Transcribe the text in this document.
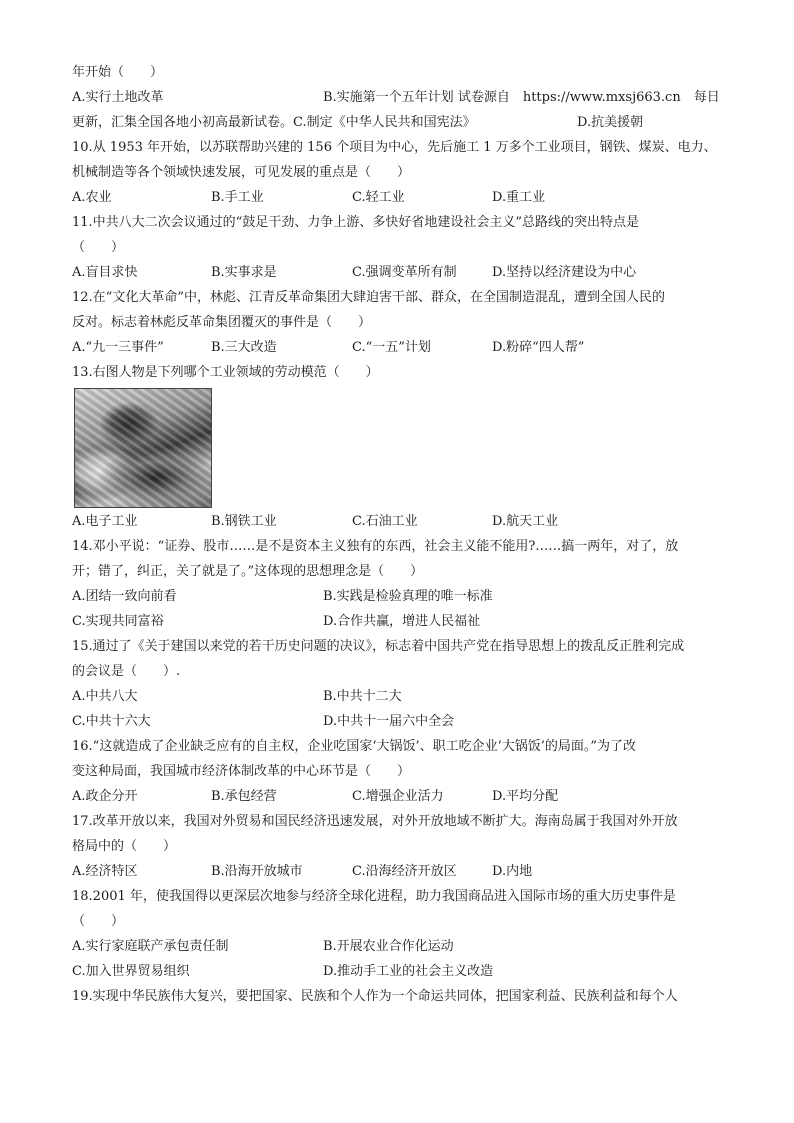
年开始（　　）
A.实行土地改革	B.实施第一个五年计划 试卷源自　https://www.mxsj663.cn　每日
更新，汇集全国各地小初高最新试卷。C.制定《中华人民共和国宪法》	D.抗美援朝
10.从 1953 年开始，以苏联帮助兴建的 156 个项目为中心，先后施工 1 万多个工业项目，钢铁、煤炭、电力、
机械制造等各个领域快速发展，可见发展的重点是（　　）
A.农业	B.手工业	C.轻工业	D.重工业
11.中共八大二次会议通过的“鼓足干劲、力争上游、多快好省地建设社会主义”总路线的突出特点是
（　　）
A.盲目求快	B.实事求是	C.强调变革所有制	D.坚持以经济建设为中心
12.在“文化大革命”中，林彪、江青反革命集团大肆迫害干部、群众，在全国制造混乱，遭到全国人民的
反对。标志着林彪反革命集团覆灭的事件是（　　）
A.“九一三事件”	B.三大改造	C.“一五”计划	D.粉碎“四人帮”
13.右图人物是下列哪个工业领域的劳动模范（　　）
A.电子工业	B.钢铁工业	C.石油工业	D.航天工业
14.邓小平说：“证券、股市……是不是资本主义独有的东西，社会主义能不能用?……搞一两年，对了，放
开；错了，纠正，关了就是了。”这体现的思想理念是（　　）
A.团结一致向前看	B.实践是检验真理的唯一标准
C.实现共同富裕	D.合作共赢，增进人民福祉
15.通过了《关于建国以来党的若干历史问题的决议》，标志着中国共产党在指导思想上的拨乱反正胜利完成
的会议是（　　）.
A.中共八大	B.中共十二大
C.中共十六大	D.中共十一届六中全会
16.“这就造成了企业缺乏应有的自主权，企业吃国家‘大锅饭’、职工吃企业‘大锅饭’的局面。”为了改
变这种局面，我国城市经济体制改革的中心环节是（　　）
A.政企分开	B.承包经营	C.增强企业活力	D.平均分配
17.改革开放以来，我国对外贸易和国民经济迅速发展，对外开放地域不断扩大。海南岛属于我国对外开放
格局中的（　　）
A.经济特区	B.沿海开放城市	C.沿海经济开放区	D.内地
18.2001 年，使我国得以更深层次地参与经济全球化进程，助力我国商品进入国际市场的重大历史事件是
（　　）
A.实行家庭联产承包责任制	B.开展农业合作化运动
C.加入世界贸易组织	D.推动手工业的社会主义改造
19.实现中华民族伟大复兴，要把国家、民族和个人作为一个命运共同体，把国家利益、民族利益和每个人
